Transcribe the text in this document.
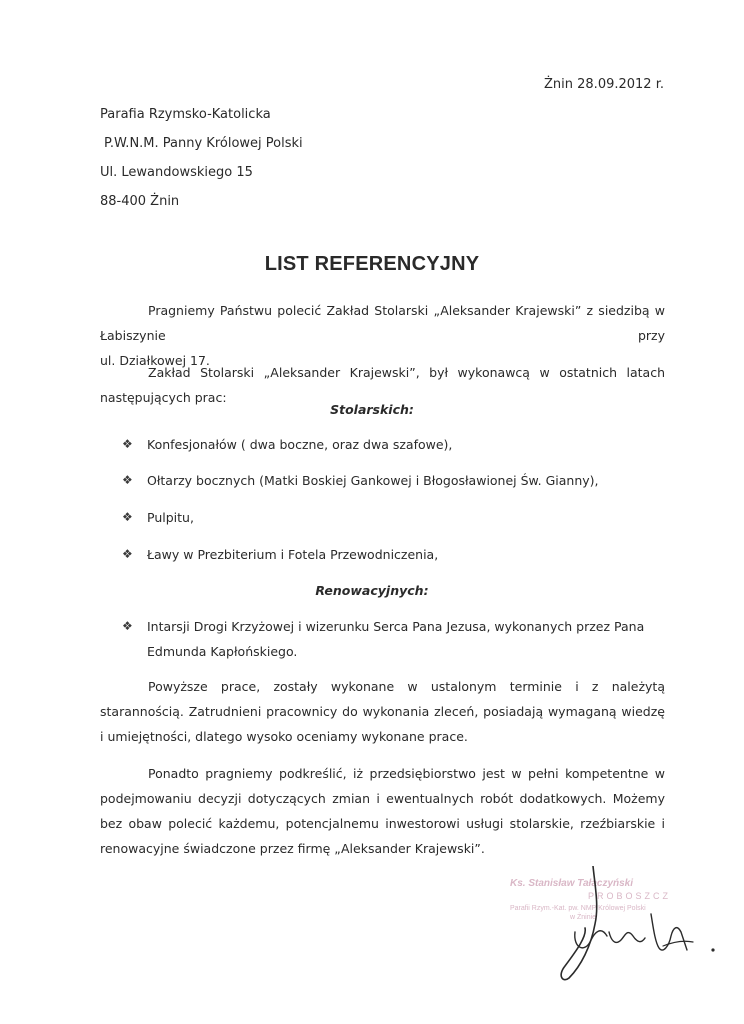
Żnin 28.09.2012 r.
Parafia Rzymsko-Katolicka
P.W.N.M. Panny Królowej Polski
Ul. Lewandowskiego 15
88-400 Żnin
LIST REFERENCYJNY
Pragniemy Państwu polecić Zakład Stolarski „Aleksander Krajewski” z siedzibą w Łabiszynie przy
ul. Działkowej 17.
Zakład Stolarski „Aleksander Krajewski”, był wykonawcą w ostatnich latach następujących prac:
Stolarskich:
❖	Konfesjonałów ( dwa boczne, oraz dwa szafowe),
❖	Ołtarzy bocznych (Matki Boskiej Gankowej i Błogosławionej Św. Gianny),
❖	Pulpitu,
❖	Ławy w Prezbiterium i Fotela Przewodniczenia,
Renowacyjnych:
❖	Intarsji Drogi Krzyżowej i wizerunku Serca Pana Jezusa, wykonanych przez Pana Edmunda Kapłońskiego.
Powyższe prace, zostały wykonane w ustalonym terminie i z należytą starannością. Zatrudnieni pracownicy do wykonania zleceń, posiadają wymaganą wiedzę i umiejętności, dlatego wysoko oceniamy wykonane prace.
Ponadto pragniemy podkreślić, iż przedsiębiorstwo jest w pełni kompetentne w podejmowaniu decyzji dotyczących zmian i ewentualnych robót dodatkowych. Możemy bez obaw polecić każdemu, potencjalnemu inwestorowi usługi stolarskie, rzeźbiarskie i renowacyjne świadczone przez firmę „Aleksander Krajewski”.
Ks. Stanisław Tałaczyński
PROBOSZCZ
Parafii Rzym.-Kat. pw. NMP Królowej Polski
w Żninie
